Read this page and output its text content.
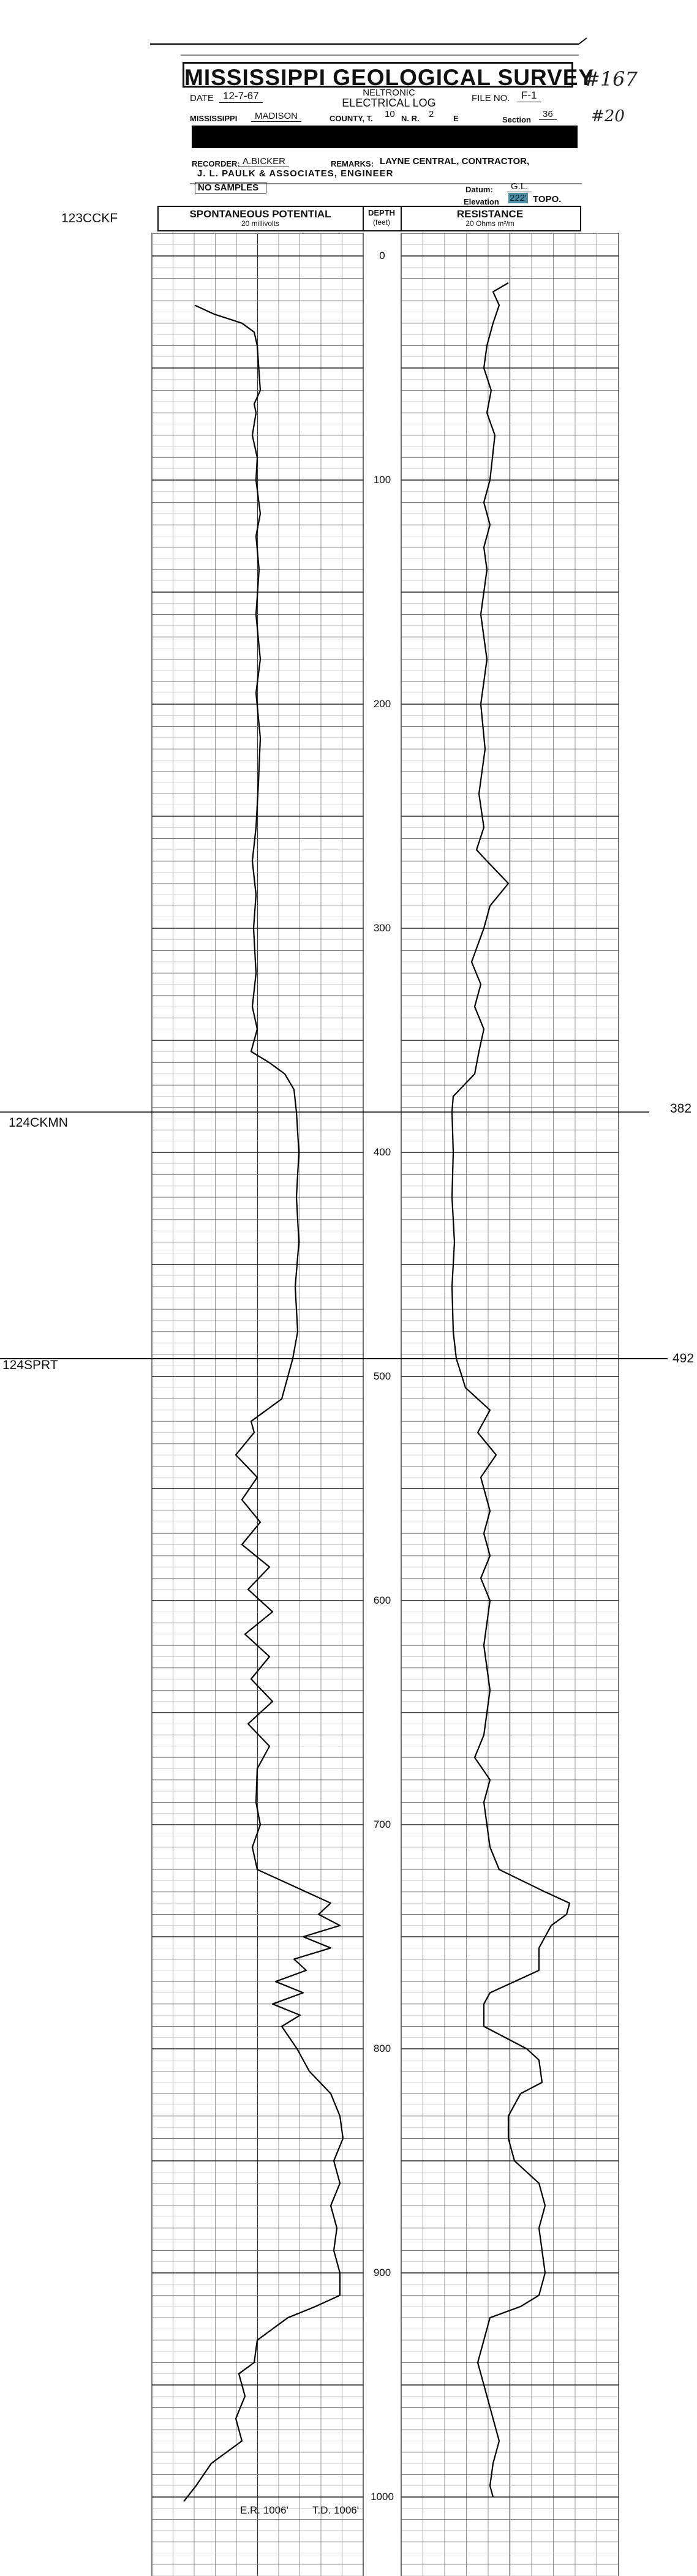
MISSISSIPPI GEOLOGICAL SURVEY
#167
#20
DATE 12-7-67	NELTRONIC
ELECTRICAL LOG	FILE NO.	F-1
MISSISSIPPI	MADISON	COUNTY, T. 10 N. R. 2 E	Section
36
RECORDER: A.BICKER	REMARKS: LAYNE CENTRAL, CONTRACTOR,
J. L. PAULK & ASSOCIATES, ENGINEER
NO SAMPLES	Datum:	G.L.
Elevation 222' TOPO.
SPONTANEOUS POTENTIAL
20 millivolts
DEPTH
(feet)
RESISTANCE
20 Ohms m²/m
0
100
200
300
400
500
600
700
800
900
1000
123CCKF
124CKMN
382
124SPRT	492
E.R. 1006' T.D. 1006'
